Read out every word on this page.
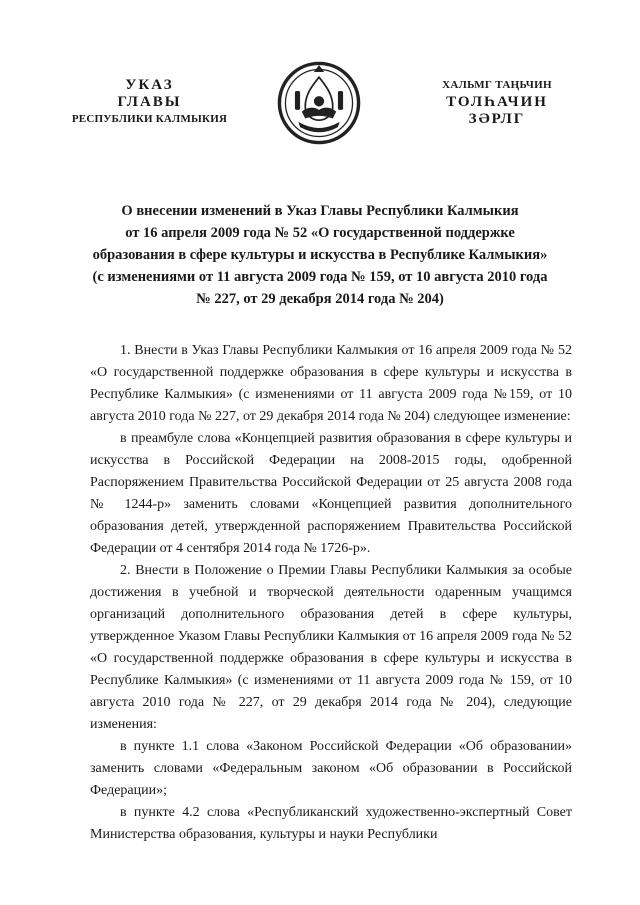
УКАЗ
ГЛАВЫ
РЕСПУБЛИКИ КАЛМЫКИЯ
ХАЛЬМГ ТАҢЬЧИН
ТОЛҺАЧИН
ЗӘРЛГ
О внесении изменений в Указ Главы Республики Калмыкия
от 16 апреля 2009 года № 52 «О государственной поддержке
образования в сфере культуры и искусства в Республике Калмыкия»
(с изменениями от 11 августа 2009 года № 159, от 10 августа 2010 года
№ 227, от 29 декабря 2014 года № 204)

1. Внести в Указ Главы Республики Калмыкия от 16 апреля 2009 года № 52 «О государственной поддержке образования в сфере культуры и искусства в Республике Калмыкия» (с изменениями от 11 августа 2009 года №159, от 10 августа 2010 года № 227, от 29 декабря 2014 года № 204) следующее изменение:

в преамбуле слова «Концепцией развития образования в сфере культуры и искусства в Российской Федерации на 2008-2015 годы, одобренной Распоряжением Правительства Российской Федерации от 25 августа 2008 года № 1244-р» заменить словами «Концепцией развития дополнительного образования детей, утвержденной распоряжением Правительства Российской Федерации от 4 сентября 2014 года № 1726-р».

2. Внести в Положение о Премии Главы Республики Калмыкия за особые достижения в учебной и творческой деятельности одаренным учащимся организаций дополнительного образования детей в сфере культуры, утвержденное Указом Главы Республики Калмыкия от 16 апреля 2009 года № 52 «О государственной поддержке образования в сфере культуры и искусства в Республике Калмыкия» (с изменениями от 11 августа 2009 года № 159, от 10 августа 2010 года № 227, от 29 декабря 2014 года № 204), следующие изменения:

в пункте 1.1 слова «Законом Российской Федерации «Об образовании» заменить словами «Федеральным законом «Об образовании в Российской Федерации»;

в пункте 4.2 слова «Республиканский художественно-экспертный Совет Министерства образования, культуры и науки Республики
